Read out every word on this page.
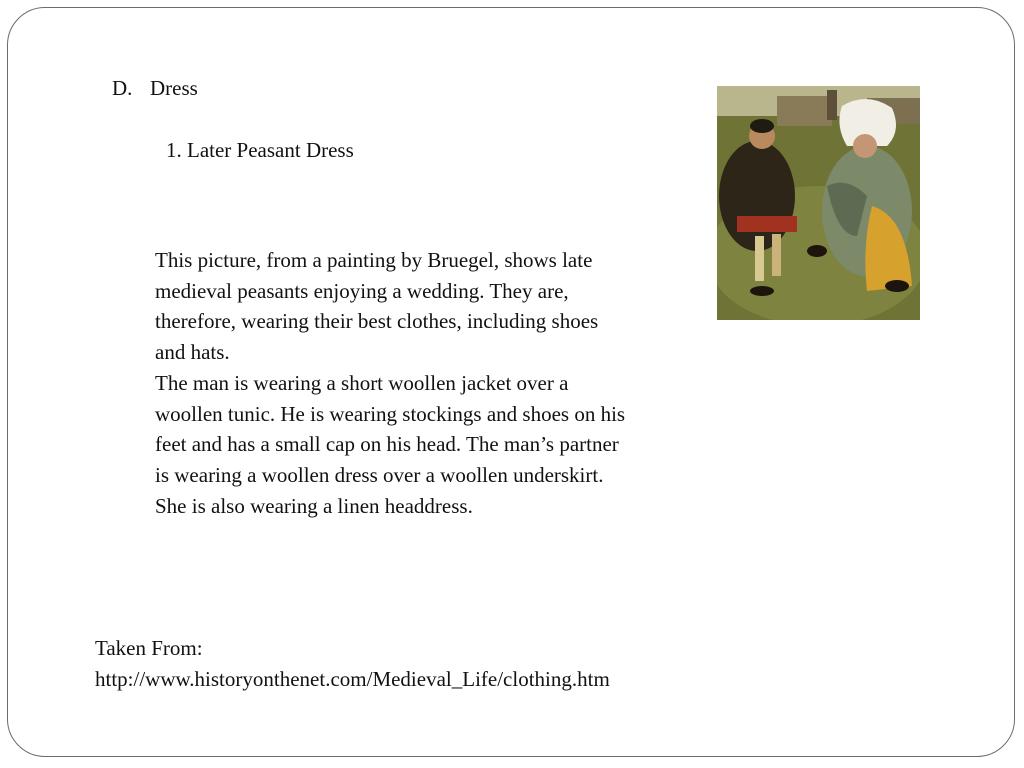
D. Dress
1. Later Peasant Dress

This picture, from a painting by Bruegel, shows late
medieval peasants enjoying a wedding. They are,
therefore, wearing their best clothes, including shoes
and hats.

The man is wearing a short woollen jacket over a
woollen tunic. He is wearing stockings and shoes on his
feet and has a small cap on his head. The man’s partner
is wearing a woollen dress over a woollen underskirt.
She is also wearing a linen headdress.

Taken From:
http://www.historyonthenet.com/Medieval_Life/clothing.htm
